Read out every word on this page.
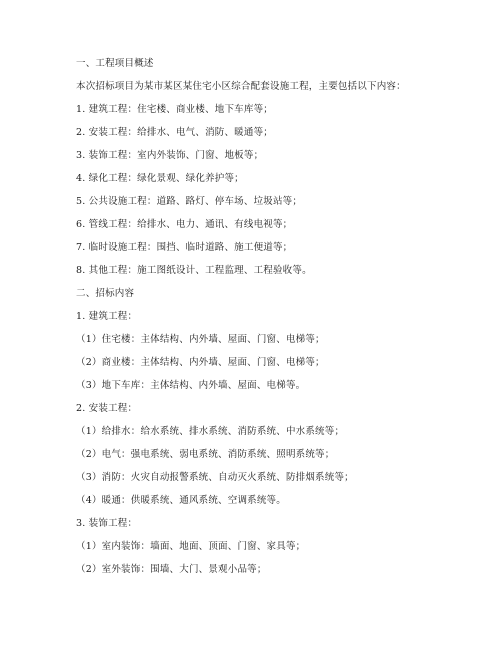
一、工程项目概述
本次招标项目为某市某区某住宅小区综合配套设施工程，主要包括以下内容：
1. 建筑工程：住宅楼、商业楼、地下车库等；
2. 安装工程：给排水、电气、消防、暖通等；
3. 装饰工程：室内外装饰、门窗、地板等；
4. 绿化工程：绿化景观、绿化养护等；
5. 公共设施工程：道路、路灯、停车场、垃圾站等；
6. 管线工程：给排水、电力、通讯、有线电视等；
7. 临时设施工程：围挡、临时道路、施工便道等；
8. 其他工程：施工图纸设计、工程监理、工程验收等。
二、招标内容
1. 建筑工程：
（1）住宅楼：主体结构、内外墙、屋面、门窗、电梯等；
（2）商业楼：主体结构、内外墙、屋面、门窗、电梯等；
（3）地下车库：主体结构、内外墙、屋面、电梯等。
2. 安装工程：
（1）给排水：给水系统、排水系统、消防系统、中水系统等；
（2）电气：强电系统、弱电系统、消防系统、照明系统等；
（3）消防：火灾自动报警系统、自动灭火系统、防排烟系统等；
（4）暖通：供暖系统、通风系统、空调系统等。
3. 装饰工程：
（1）室内装饰：墙面、地面、顶面、门窗、家具等；
（2）室外装饰：围墙、大门、景观小品等；
